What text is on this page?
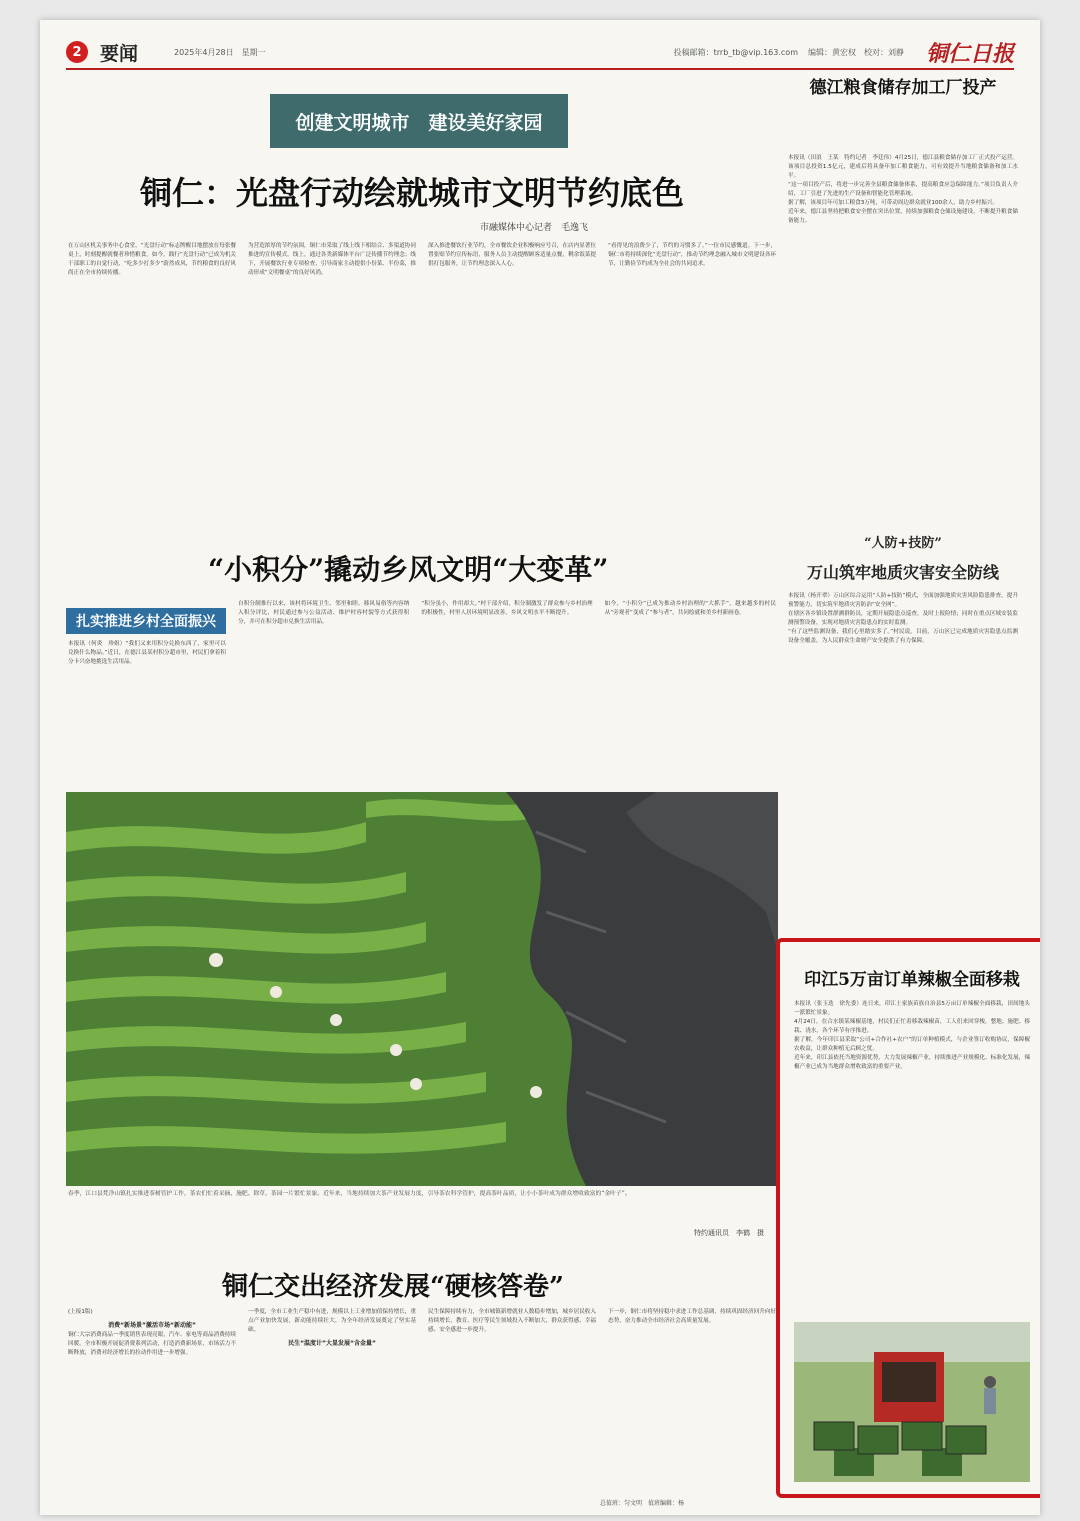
2 要闻	2025年4月28日　星期一	投稿邮箱：trrb_tb@vip.163.com 编辑：黄宏权　校对：刘静 铜仁日报
创建文明城市　建设美好家园
铜仁：光盘行动绘就城市文明节约底色
市融媒体中心记者　毛逸飞

在万山区机关事务中心食堂，“光盘行动”标志牌醒目地摆放在每张餐桌上，时刻提醒就餐者珍惜粮食。如今，践行“光盘行动”已成为机关干部职工的自觉行动，“吃多少打多少”蔚然成风，节约粮食的良好风尚正在全市持续传播。

为营造浓厚的节约氛围，铜仁市采取了线上线下相结合、多渠道协同推进的宣传模式。线上，通过各类新媒体平台广泛传播节约理念；线下，开展餐饮行业专项检查，引导商家主动提供小份菜、半份菜，推动形成“文明餐桌”的良好风尚。

深入推进餐饮行业节约，全市餐饮企业积极响应号召，在店内显著位置张贴节约宣传标语，服务人员主动提醒顾客适量点餐，剩余饭菜提供打包服务，让节约理念深入人心。

“看得见的浪费少了，节约的习惯多了。”一位市民感慨道。下一步，铜仁市将持续深化“光盘行动”，推动节约理念融入城市文明建设各环节，让勤俭节约成为全社会的共同追求。

“小积分”撬动乡风文明“大变革”
扎实推进乡村全面振兴

本报讯（何炎　珍姐）“我们又来用积分兑换东西了，家里可以兑换什么物品。”近日，在德江县某村积分超市里，村民们拿着积分卡兴奋地挑选生活用品。

自积分制推行以来，该村将环境卫生、邻里和睦、移风易俗等内容纳入积分评比，村民通过参与公益活动、维护村容村貌等方式获得积分，并可在积分超市兑换生活用品。

“积分虽小，作用却大。”村干部介绍，积分制激发了群众参与乡村治理的积极性，村里人居环境明显改善，乡风文明水平不断提升。

如今，“小积分”已成为推动乡村治理的“大抓手”，越来越多的村民从“旁观者”变成了“参与者”，共同绘就和美乡村新画卷。

春季，江口县梵净山镇扎实推进茶树管护工作，茶农们忙着采摘、施肥、除草，茶园一片繁忙景象。近年来，当地持续加大茶产业发展力度，引导茶农科学管护，提高茶叶品质，让小小茶叶成为群众增收致富的“金叶子”。
特约通讯员　李鹤　摄
铜仁交出经济发展“硬核答卷”

(上接1版)

消费“新场景”激活市场“新动能”

铜仁大宗消费商品一季度销售表现亮眼，汽车、家电等商品消费持续回暖。全市积极开展促消费系列活动，打造消费新场景，市场活力不断释放，消费对经济增长的拉动作用进一步增强。

一季度，全市工业生产稳中有进，规模以上工业增加值保持增长，重点产业加快发展，新动能持续壮大，为全年经济发展奠定了坚实基础。

民生“温度计”大显发展“含金量”

民生保障持续有力，全市城镇新增就业人数稳步增加，城乡居民收入持续增长，教育、医疗等民生领域投入不断加大，群众获得感、幸福感、安全感进一步提升。

下一步，铜仁市将坚持稳中求进工作总基调，持续巩固经济回升向好态势，奋力推动全市经济社会高质量发展。

总值班：匀文明　值班编辑：杨　
德江粮食储存加工厂投产

本报讯（田浪　王某　特约记者　李廷伟）4月25日，德江县粮食储存加工厂正式投产运营。该项目总投资1.5亿元，建成后将具备年加工粮食能力，可有效提升当地粮食储备和加工水平。

“这一项目投产后，将进一步完善全县粮食储备体系，提高粮食应急保障能力。”项目负责人介绍，工厂引进了先进的生产设备和智能化管理系统。

据了解，该项目年可加工粮食3万吨，可带动周边群众就业100余人，助力乡村振兴。

近年来，德江县坚持把粮食安全摆在突出位置，持续加强粮食仓储设施建设，不断提升粮食储备能力。

“人防+技防”
万山筑牢地质灾害安全防线

本报讯（杨开翠）万山区综合运用“人防+技防”模式，全面加强地质灾害风险隐患排查，提升预警能力，切实筑牢地质灾害防治“安全网”。

在辖区各乡镇设置群测群防员，定期开展隐患点巡查，及时上报险情；同时在重点区域安装监测预警设备，实现对地质灾害隐患点的实时监测。

“有了这些监测设备，我们心里踏实多了。”村民说。目前，万山区已完成地质灾害隐患点监测设备全覆盖，为人民群众生命财产安全提供了有力保障。

印江5万亩订单辣椒全面移栽

本报讯（张玉迭　徐先委）连日来，印江土家族苗族自治县5万亩订单辣椒全面移栽，田间地头一派繁忙景象。

4月24日，在合水镇某辣椒基地，村民们正忙着移栽辣椒苗，工人们来回穿梭，整地、施肥、移栽、浇水，各个环节有序推进。

据了解，今年印江县采取“公司+合作社+农户”的订单种植模式，与企业签订收购协议，保障椒农收益，让群众种植无后顾之忧。

近年来，印江县依托当地资源优势，大力发展辣椒产业，持续推进产业规模化、标准化发展，辣椒产业已成为当地群众增收致富的重要产业。
